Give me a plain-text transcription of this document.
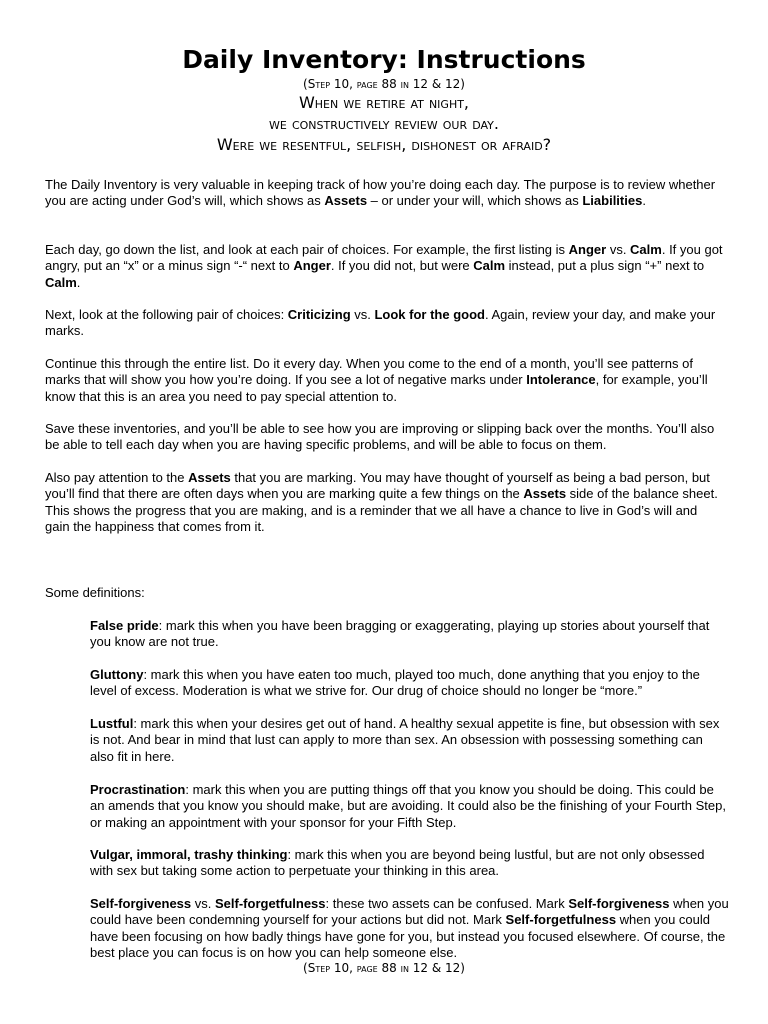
Daily Inventory: Instructions
(Step 10, page 88 in 12 & 12)
When we retire at night,
we constructively review our day.
Were we resentful, selfish, dishonest or afraid?

The Daily Inventory is very valuable in keeping track of how you’re doing each day. The purpose is to review whether you are acting under God’s will, which shows as Assets – or under your will, which shows as Liabilities.

Each day, go down the list, and look at each pair of choices. For example, the first listing is Anger vs. Calm. If you got angry, put an “x” or a minus sign “-“ next to Anger. If you did not, but were Calm instead, put a plus sign “+” next to Calm.

Next, look at the following pair of choices: Criticizing vs. Look for the good. Again, review your day, and make your marks.

Continue this through the entire list. Do it every day. When you come to the end of a month, you’ll see patterns of marks that will show you how you’re doing. If you see a lot of negative marks under Intolerance, for example, you’ll know that this is an area you need to pay special attention to.

Save these inventories, and you’ll be able to see how you are improving or slipping back over the months. You’ll also be able to tell each day when you are having specific problems, and will be able to focus on them.

Also pay attention to the Assets that you are marking. You may have thought of yourself as being a bad person, but you’ll find that there are often days when you are marking quite a few things on the Assets side of the balance sheet. This shows the progress that you are making, and is a reminder that we all have a chance to live in God’s will and gain the happiness that comes from it.

Some definitions:

False pride: mark this when you have been bragging or exaggerating, playing up stories about yourself that you know are not true.

Gluttony: mark this when you have eaten too much, played too much, done anything that you enjoy to the level of excess. Moderation is what we strive for. Our drug of choice should no longer be “more.”

Lustful: mark this when your desires get out of hand. A healthy sexual appetite is fine, but obsession with sex is not. And bear in mind that lust can apply to more than sex. An obsession with possessing something can also fit in here.

Procrastination: mark this when you are putting things off that you know you should be doing. This could be an amends that you know you should make, but are avoiding. It could also be the finishing of your Fourth Step, or making an appointment with your sponsor for your Fifth Step.

Vulgar, immoral, trashy thinking: mark this when you are beyond being lustful, but are not only obsessed with sex but taking some action to perpetuate your thinking in this area.

Self-forgiveness vs. Self-forgetfulness: these two assets can be confused. Mark Self-forgiveness when you could have been condemning yourself for your actions but did not. Mark Self-forgetfulness when you could have been focusing on how badly things have gone for you, but instead you focused elsewhere. Of course, the best place you can focus is on how you can help someone else.

(Step 10, page 88 in 12 & 12)
